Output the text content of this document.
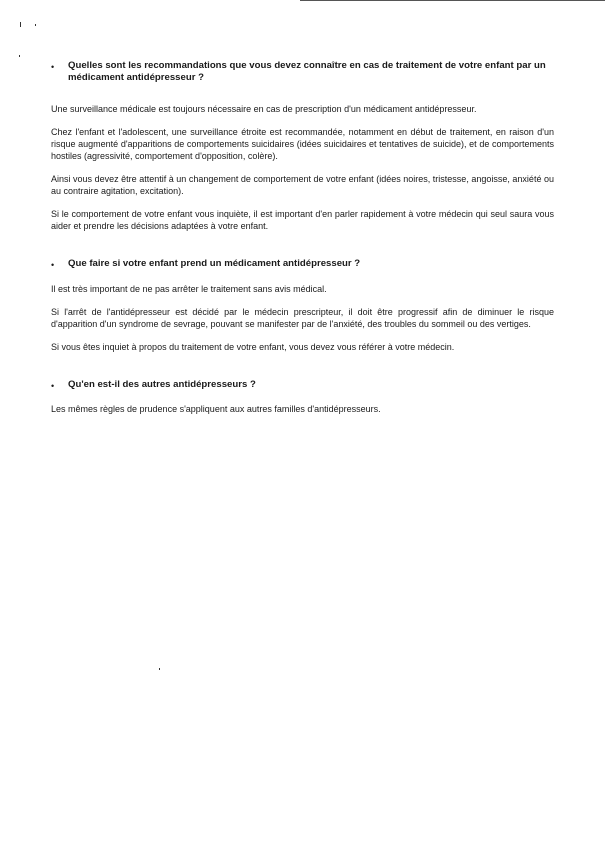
•	Quelles sont les recommandations que vous devez connaître en cas de traitement de votre enfant par un médicament antidépresseur ?

Une surveillance médicale est toujours nécessaire en cas de prescription d'un médicament antidépresseur.

Chez l'enfant et l'adolescent, une surveillance étroite est recommandée, notamment en début de traitement, en raison d'un risque augmenté d'apparitions de comportements suicidaires (idées suicidaires et tentatives de suicide), et de comportements hostiles (agressivité, comportement d'opposition, colère).

Ainsi vous devez être attentif à un changement de comportement de votre enfant (idées noires, tristesse, angoisse, anxiété ou au contraire agitation, excitation).

Si le comportement de votre enfant vous inquiète, il est important d'en parler rapidement à votre médecin qui seul saura vous aider et prendre les décisions adaptées à votre enfant.

•	Que faire si votre enfant prend un médicament antidépresseur ?

Il est très important de ne pas arrêter le traitement sans avis médical.

Si l'arrêt de l'antidépresseur est décidé par le médecin prescripteur, il doit être progressif afin de diminuer le risque d'apparition d'un syndrome de sevrage, pouvant se manifester par de l'anxiété, des troubles du sommeil ou des vertiges.

Si vous êtes inquiet à propos du traitement de votre enfant, vous devez vous référer à votre médecin.

•	Qu'en est-il des autres antidépresseurs ?

Les mêmes règles de prudence s'appliquent aux autres familles d'antidépresseurs.
